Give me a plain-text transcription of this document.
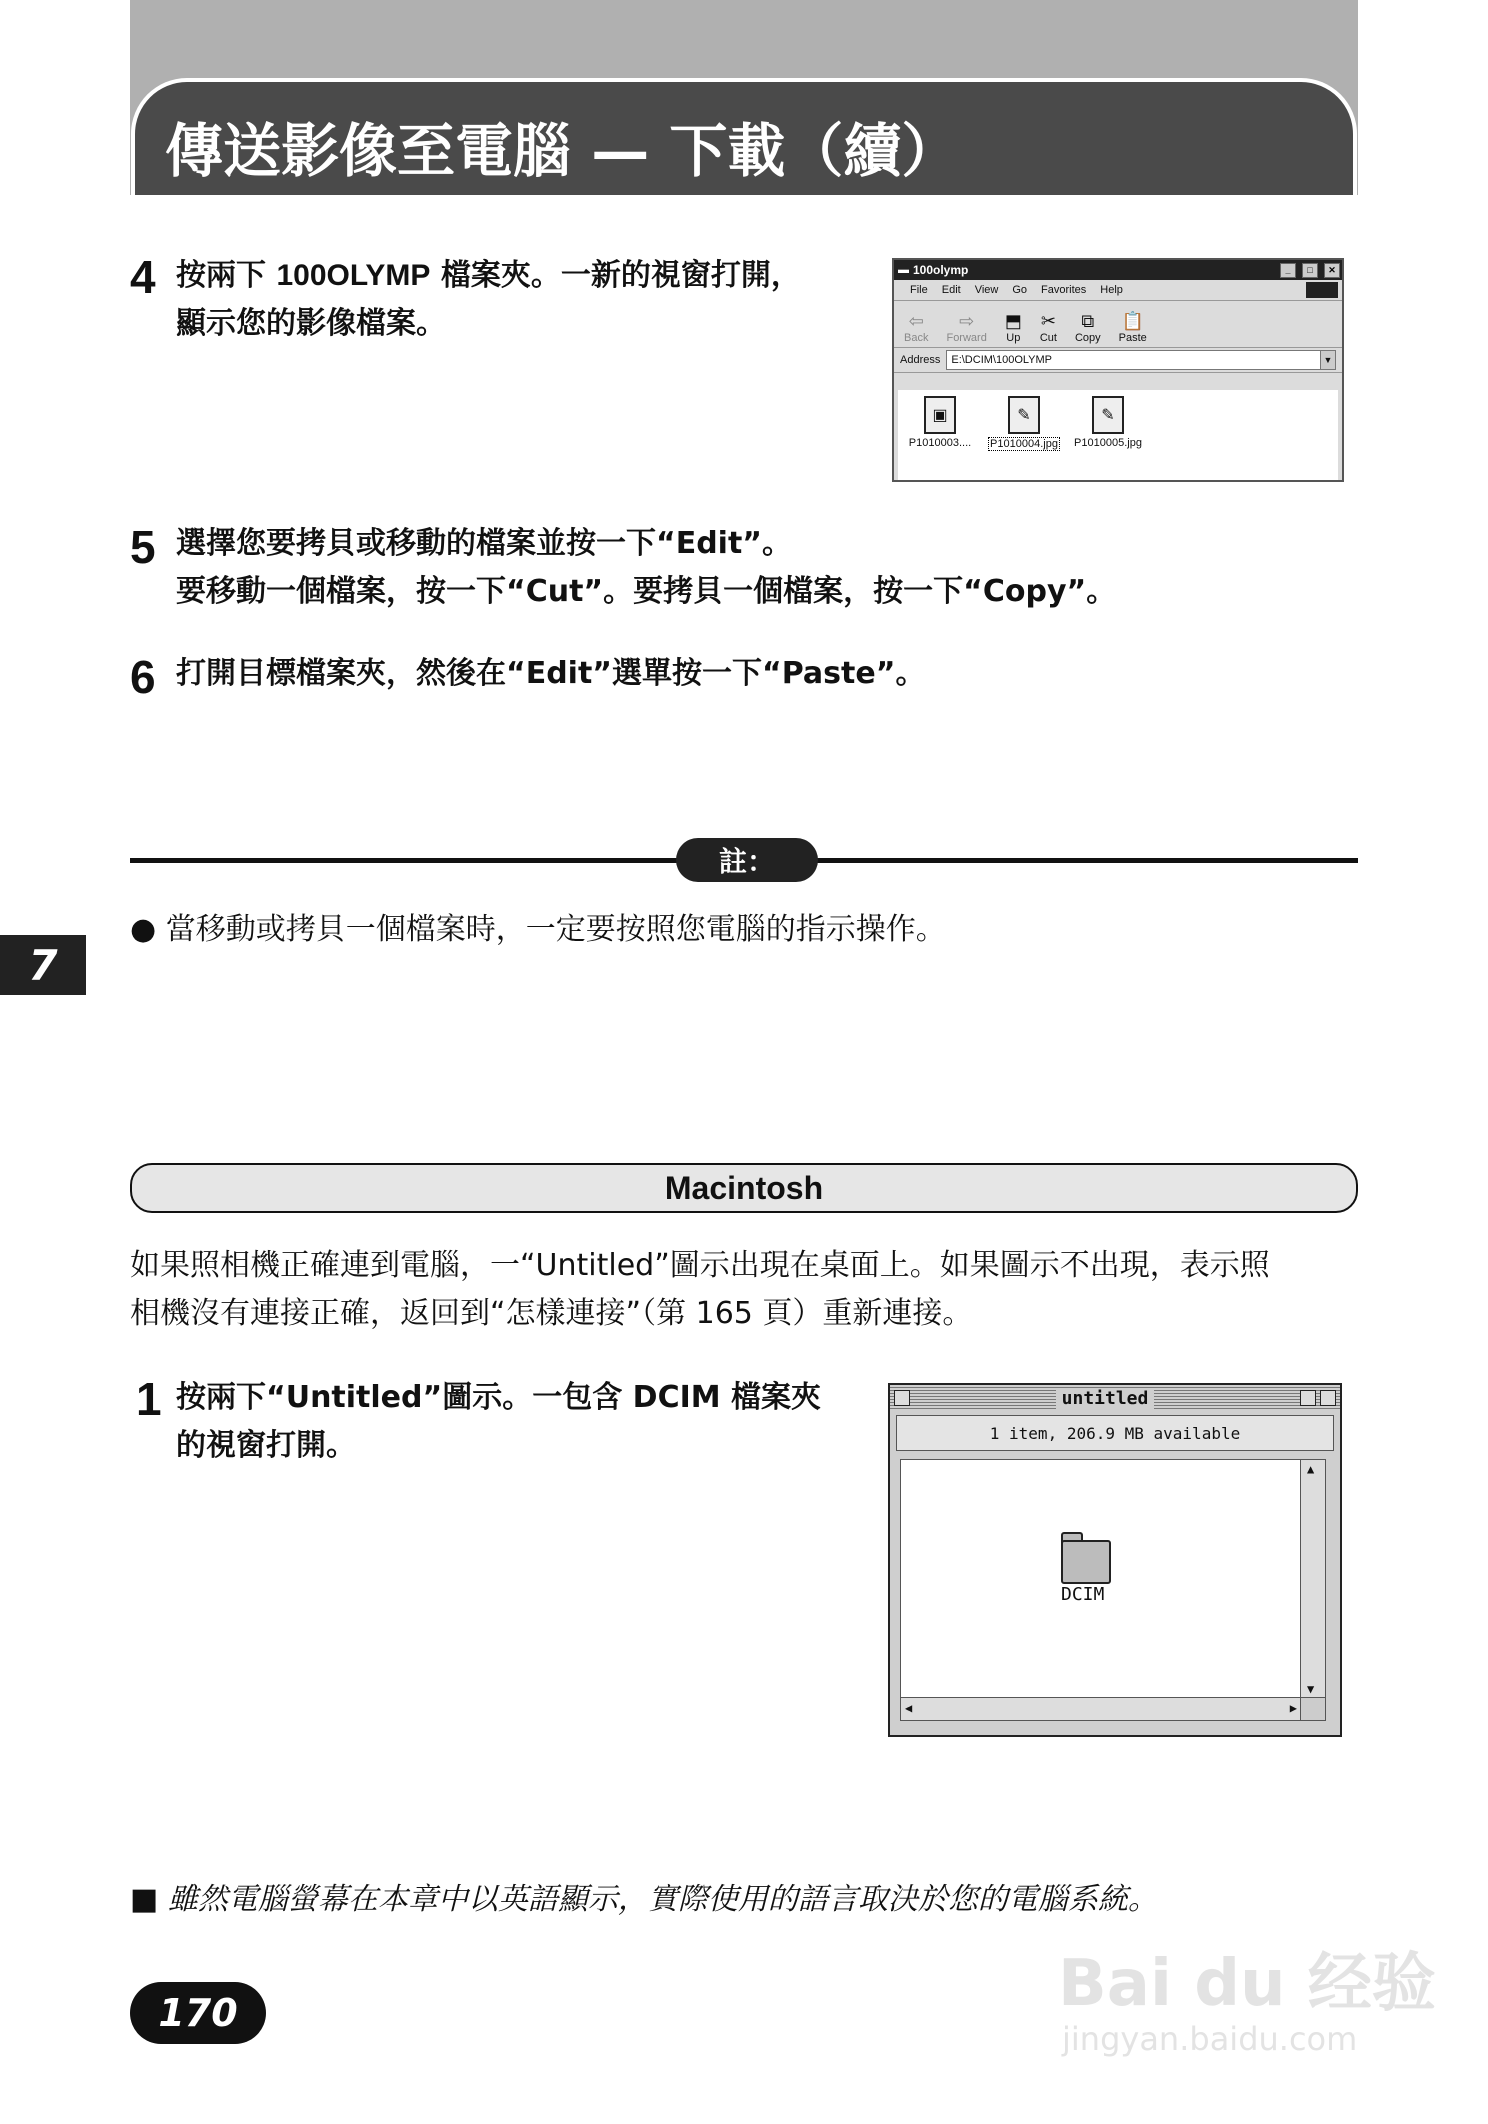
傳送影像至電腦 — 下載（續）
4 按兩下 100OLYMP 檔案夾。一新的視窗打開，
顯示您的影像檔案。
▬ 100olymp	_	□	✕
File Edit View Go Favorites Help
⇦
Back
⇨
Forward
⬒
Up
✂
Cut
⧉
Copy
📋
Paste
Address E:\DCIM\100OLYMP	▼
▣
P1010003....
✎
P1010004.jpg
✎
P1010005.jpg
5 選擇您要拷貝或移動的檔案並按一下“Edit”。
要移動一個檔案，按一下“Cut”。要拷貝一個檔案，按一下“Copy”。
6 打開目標檔案夾，然後在“Edit”選單按一下“Paste”。
註：
● 當移動或拷貝一個檔案時，一定要按照您電腦的指示操作。
7
Macintosh
如果照相機正確連到電腦，一“Untitled”圖示出現在桌面上。如果圖示不出現，表示照
相機沒有連接正確，返回到“怎樣連接”（第 165 頁）重新連接。
1 按兩下“Untitled”圖示。一包含 DCIM 檔案夾
的視窗打開。
untitled
1 item, 206.9 MB available
DCIM
▲
▼
◀	▶
■ 雖然電腦螢幕在本章中以英語顯示，實際使用的語言取決於您的電腦系統。
170	Bai du 经验
jingyan.baidu.com
